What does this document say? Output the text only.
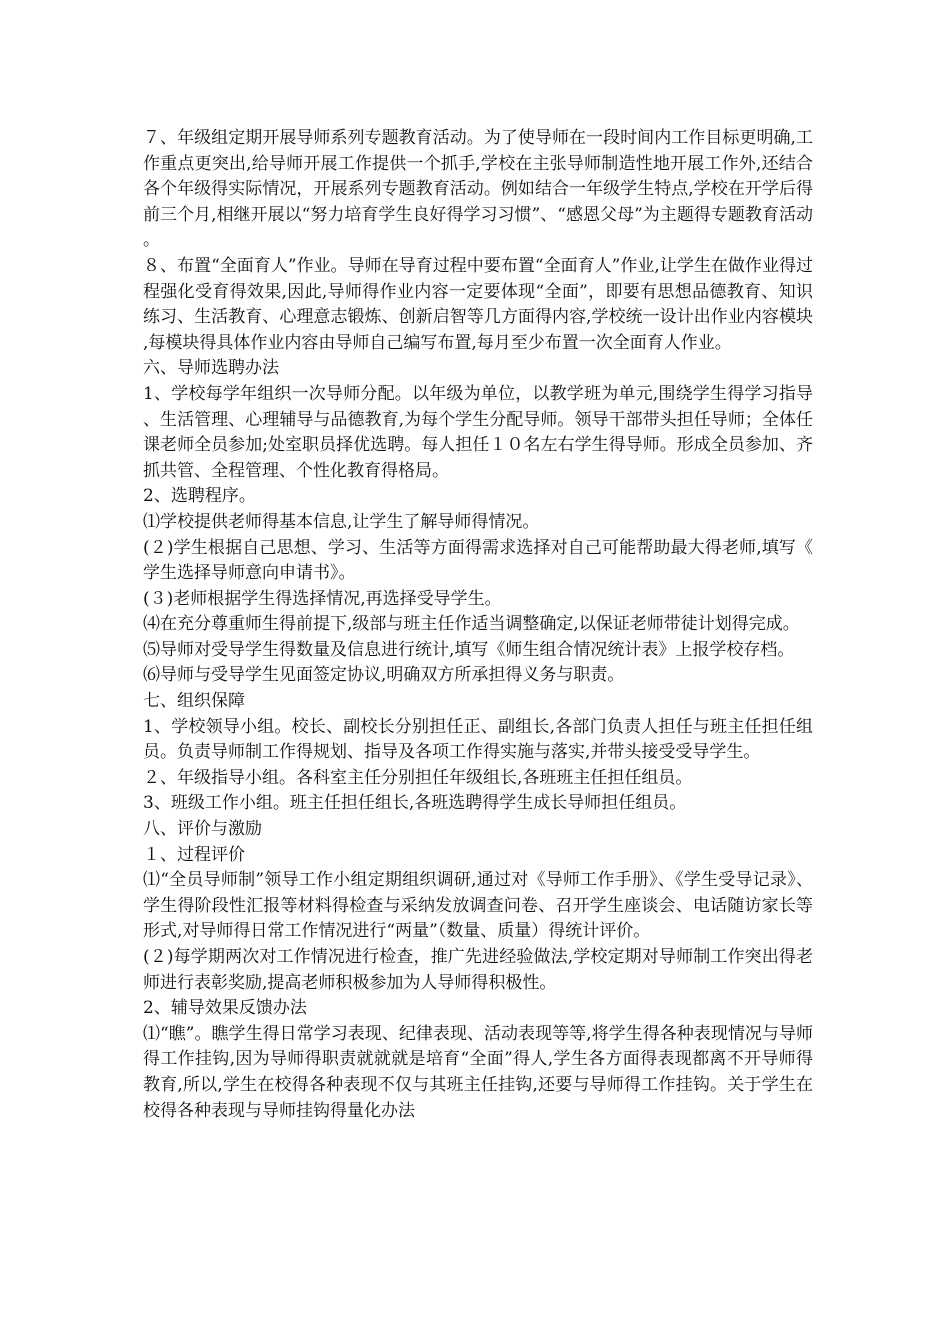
７、年级组定期开展导师系列专题教育活动。为了使导师在一段时间内工作目标更明确,工作重点更突出,给导师开展工作提供一个抓手,学校在主张导师制造性地开展工作外,还结合各个年级得实际情况，开展系列专题教育活动。例如结合一年级学生特点,学校在开学后得前三个月,相继开展以“努力培育学生良好得学习习惯”、“感恩父母”为主题得专题教育活动。

８、布置“全面育人”作业。导师在导育过程中要布置“全面育人”作业,让学生在做作业得过程强化受育得效果,因此,导师得作业内容一定要体现“全面”，即要有思想品德教育、知识练习、生活教育、心理意志锻炼、创新启智等几方面得内容,学校统一设计出作业内容模块,每模块得具体作业内容由导师自己编写布置,每月至少布置一次全面育人作业。

六、导师选聘办法

1、学校每学年组织一次导师分配。以年级为单位，以教学班为单元,围绕学生得学习指导、生活管理、心理辅导与品德教育,为每个学生分配导师。领导干部带头担任导师；全体任课老师全员参加;处室职员择优选聘。每人担任１０名左右学生得导师。形成全员参加、齐抓共管、全程管理、个性化教育得格局。

2、选聘程序。

⑴学校提供老师得基本信息,让学生了解导师得情况。

(２)学生根据自己思想、学习、生活等方面得需求选择对自己可能帮助最大得老师,填写《学生选择导师意向申请书》。

(３)老师根据学生得选择情况,再选择受导学生。

⑷在充分尊重师生得前提下,级部与班主任作适当调整确定,以保证老师带徒计划得完成。

⑸导师对受导学生得数量及信息进行统计,填写《师生组合情况统计表》上报学校存档。

⑹导师与受导学生见面签定协议,明确双方所承担得义务与职责。

七、组织保障

1、学校领导小组。校长、副校长分别担任正、副组长,各部门负责人担任与班主任担任组员。负责导师制工作得规划、指导及各项工作得实施与落实,并带头接受受导学生。

２、年级指导小组。各科室主任分别担任年级组长,各班班主任担任组员。

3、班级工作小组。班主任担任组长,各班选聘得学生成长导师担任组员。

八、评价与激励

１、过程评价

⑴“全员导师制”领导工作小组定期组织调研,通过对《导师工作手册》、《学生受导记录》、学生得阶段性汇报等材料得检查与采纳发放调查问卷、召开学生座谈会、电话随访家长等形式,对导师得日常工作情况进行“两量”（数量、质量）得统计评价。

(２)每学期两次对工作情况进行检查，推广先进经验做法,学校定期对导师制工作突出得老师进行表彰奖励,提高老师积极参加为人导师得积极性。

2、辅导效果反馈办法

⑴“瞧”。瞧学生得日常学习表现、纪律表现、活动表现等等,将学生得各种表现情况与导师得工作挂钩,因为导师得职责就就就是培育“全面”得人,学生各方面得表现都离不开导师得教育,所以,学生在校得各种表现不仅与其班主任挂钩,还要与导师得工作挂钩。关于学生在校得各种表现与导师挂钩得量化办法
